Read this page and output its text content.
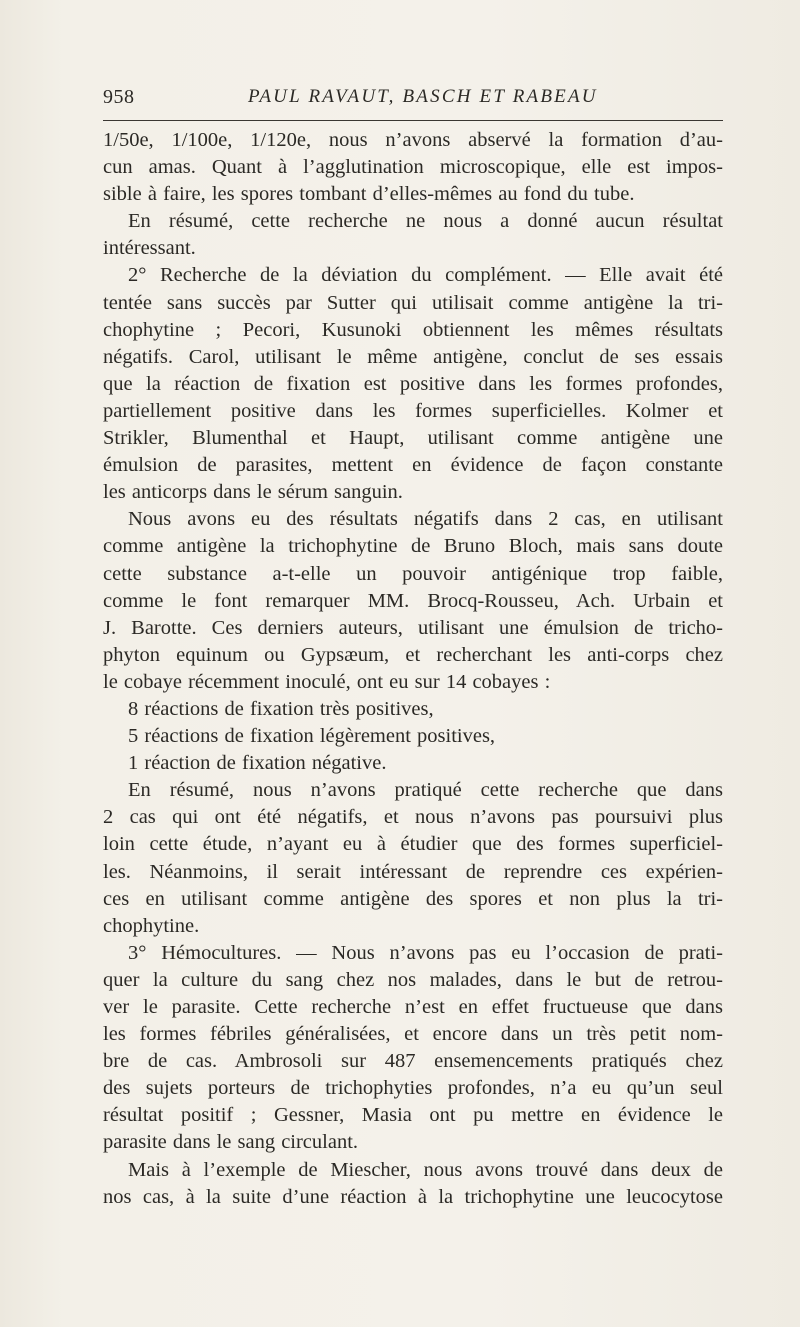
958	PAUL RAVAUT, BASCH ET RABEAU
1/50e, 1/100e, 1/120e, nous n’avons abservé la formation d’au-
cun amas. Quant à l’agglutination microscopique, elle est impos-
sible à faire, les spores tombant d’elles-mêmes au fond du tube.
En résumé, cette recherche ne nous a donné aucun résultat
intéressant.
2° Recherche de la déviation du complément. — Elle avait été
tentée sans succès par Sutter qui utilisait comme antigène la tri-
chophytine ; Pecori, Kusunoki obtiennent les mêmes résultats
négatifs. Carol, utilisant le même antigène, conclut de ses essais
que la réaction de fixation est positive dans les formes profondes,
partiellement positive dans les formes superficielles. Kolmer et
Strikler, Blumenthal et Haupt, utilisant comme antigène une
émulsion de parasites, mettent en évidence de façon constante
les anticorps dans le sérum sanguin.
Nous avons eu des résultats négatifs dans 2 cas, en utilisant
comme antigène la trichophytine de Bruno Bloch, mais sans doute
cette substance a-t-elle un pouvoir antigénique trop faible,
comme le font remarquer MM. Brocq-Rousseu, Ach. Urbain et
J. Barotte. Ces derniers auteurs, utilisant une émulsion de tricho-
phyton equinum ou Gypsæum, et recherchant les anti-corps chez
le cobaye récemment inoculé, ont eu sur 14 cobayes :
8 réactions de fixation très positives,
5 réactions de fixation légèrement positives,
1 réaction de fixation négative.
En résumé, nous n’avons pratiqué cette recherche que dans
2 cas qui ont été négatifs, et nous n’avons pas poursuivi plus
loin cette étude, n’ayant eu à étudier que des formes superficiel-
les. Néanmoins, il serait intéressant de reprendre ces expérien-
ces en utilisant comme antigène des spores et non plus la tri-
chophytine.
3° Hémocultures. — Nous n’avons pas eu l’occasion de prati-
quer la culture du sang chez nos malades, dans le but de retrou-
ver le parasite. Cette recherche n’est en effet fructueuse que dans
les formes fébriles généralisées, et encore dans un très petit nom-
bre de cas. Ambrosoli sur 487 ensemencements pratiqués chez
des sujets porteurs de trichophyties profondes, n’a eu qu’un seul
résultat positif ; Gessner, Masia ont pu mettre en évidence le
parasite dans le sang circulant.
Mais à l’exemple de Miescher, nous avons trouvé dans deux de
nos cas, à la suite d’une réaction à la trichophytine une leucocytose
